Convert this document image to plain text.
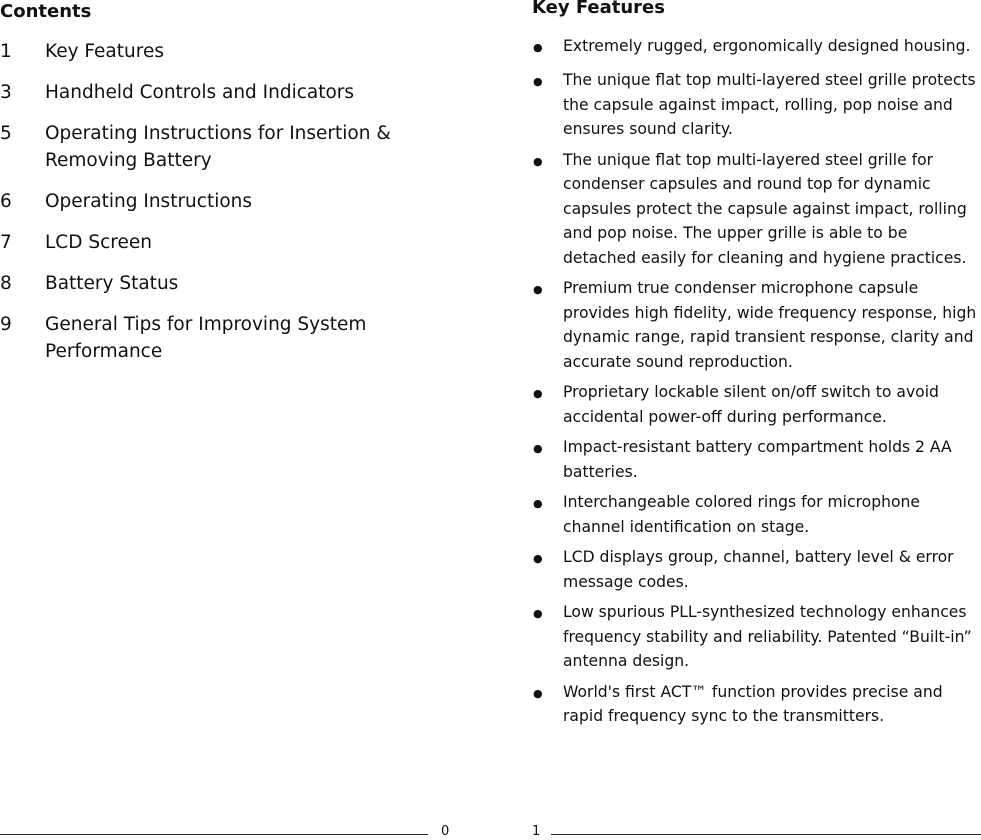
Contents
1	Key Features
3	Handheld Controls and Indicators
5	Operating Instructions for Insertion & Removing Battery
6	Operating Instructions
7	LCD Screen
8	Battery Status
9	General Tips for Improving System Performance
0
Key Features
●	Extremely rugged, ergonomically designed housing.
●	The unique flat top multi-layered steel grille protects the capsule against impact, rolling, pop noise and ensures sound clarity.
●	The unique flat top multi-layered steel grille for condenser capsules and round top for dynamic capsules protect the capsule against impact, rolling and pop noise. The upper grille is able to be detached easily for cleaning and hygiene practices.
●	Premium true condenser microphone capsule provides high fidelity, wide frequency response, high dynamic range, rapid transient response, clarity and accurate sound reproduction.
●	Proprietary lockable silent on/off switch to avoid accidental power-off during performance.
●	Impact-resistant battery compartment holds 2 AA batteries.
●	Interchangeable colored rings for microphone channel identification on stage.
●	LCD displays group, channel, battery level & error message codes.
●	Low spurious PLL-synthesized technology enhances frequency stability and reliability. Patented “Built-in” antenna design.
●	World's first ACT™ function provides precise and rapid frequency sync to the transmitters.
1
